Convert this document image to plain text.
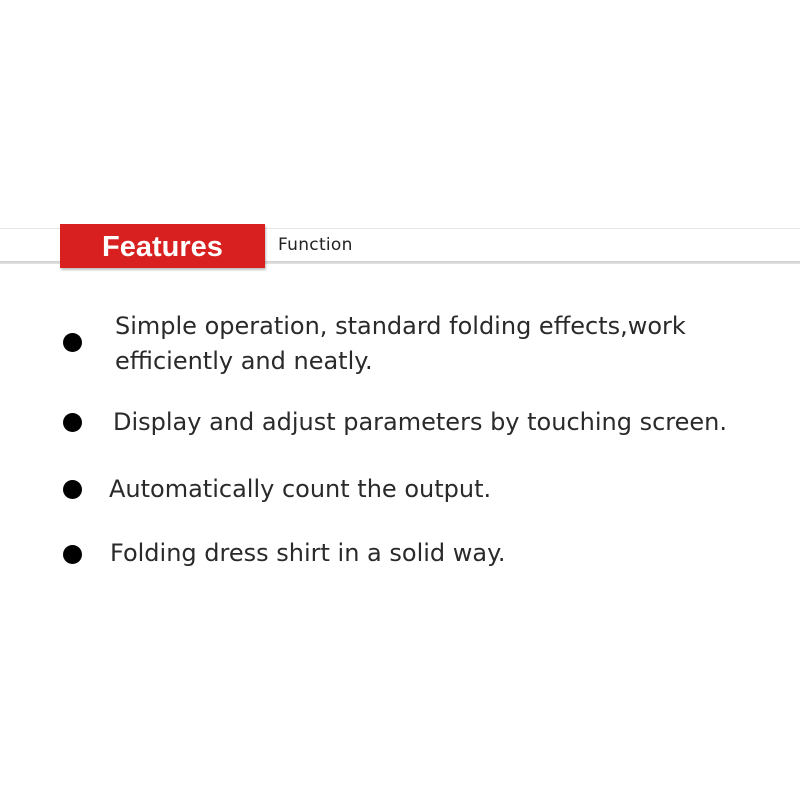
Features	Function
Simple operation, standard folding effects,work
efficiently and neatly.
Display and adjust parameters by touching screen.
Automatically count the output.
Folding dress shirt in a solid way.
